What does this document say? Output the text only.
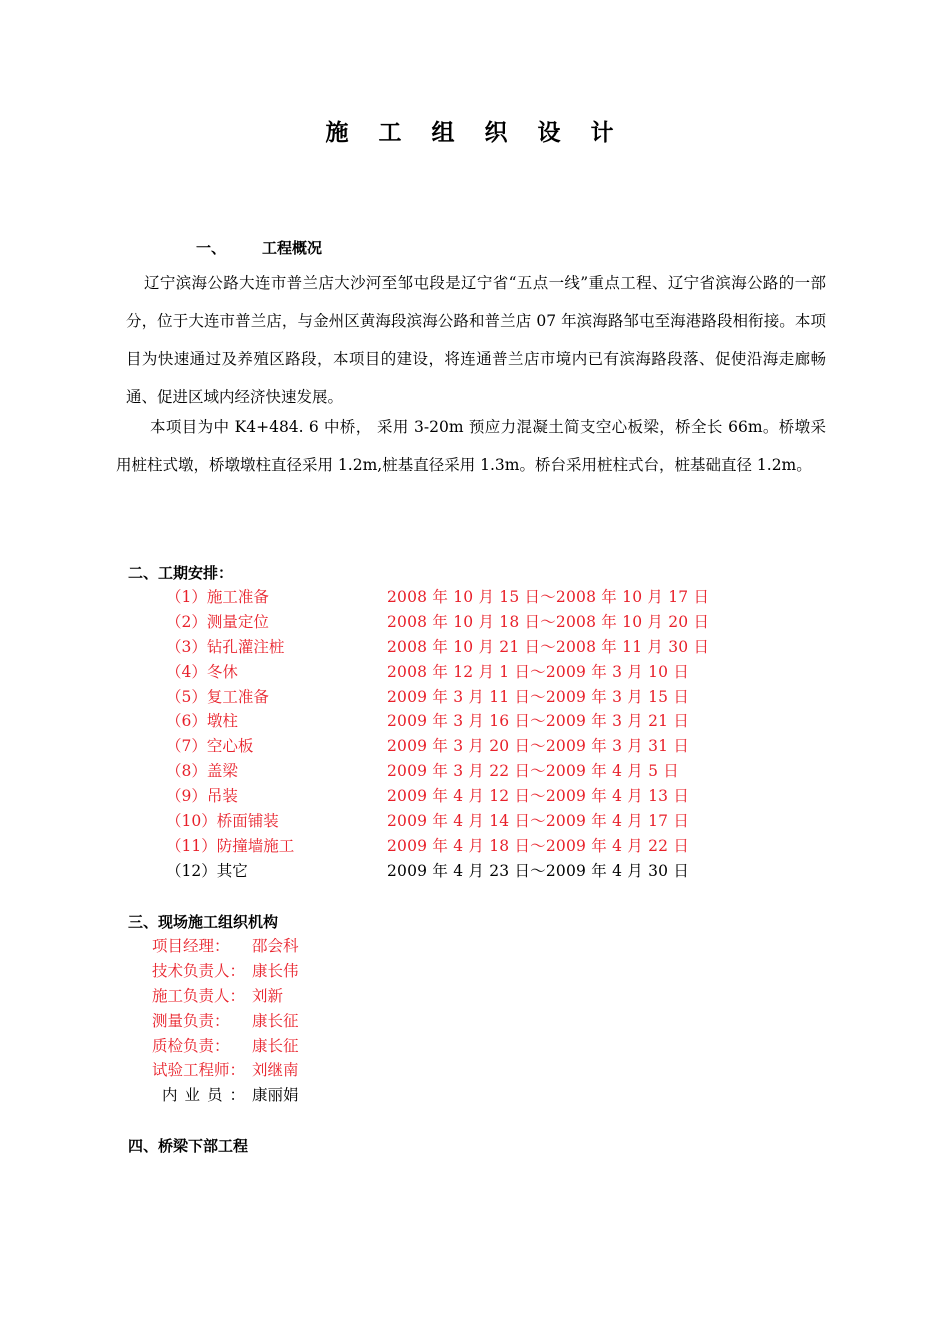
施 工 组 织 设 计
一、 工程概况
辽宁滨海公路大连市普兰店大沙河至邹屯段是辽宁省“五点一线”重点工程、辽宁省滨海公路的一部分，位于大连市普兰店，与金州区黄海段滨海公路和普兰店 07 年滨海路邹屯至海港路段相衔接。本项目为快速通过及养殖区路段，本项目的建设，将连通普兰店市境内已有滨海路段落、促使沿海走廊畅通、促进区域内经济快速发展。
本项目为中 K4+484. 6 中桥， 采用 3-20m 预应力混凝土简支空心板梁，桥全长 66m。桥墩采用桩柱式墩，桥墩墩柱直径采用 1.2m,桩基直径采用 1.3m。桥台采用桩柱式台，桩基础直径 1.2m。
二、工期安排：
（1）施工准备	2008 年 10 月 15 日～2008 年 10 月 17 日
（2）测量定位	2008 年 10 月 18 日～2008 年 10 月 20 日
（3）钻孔灌注桩	2008 年 10 月 21 日～2008 年 11 月 30 日
（4）冬休	2008 年 12 月 1 日～2009 年 3 月 10 日
（5）复工准备	2009 年 3 月 11 日～2009 年 3 月 15 日
（6）墩柱	2009 年 3 月 16 日～2009 年 3 月 21 日
（7）空心板	2009 年 3 月 20 日～2009 年 3 月 31 日
（8）盖梁	2009 年 3 月 22 日～2009 年 4 月 5 日
（9）吊装	2009 年 4 月 12 日～2009 年 4 月 13 日
（10）桥面铺装	2009 年 4 月 14 日～2009 年 4 月 17 日
（11）防撞墙施工	2009 年 4 月 18 日～2009 年 4 月 22 日
（12）其它	2009 年 4 月 23 日～2009 年 4 月 30 日
三、现场施工组织机构
项目经理： 邵会科
技术负责人： 康长伟
施工负责人： 刘新
测量负责： 康长征
质检负责： 康长征
试验工程师： 刘继南
内业员： 康丽娟
四、桥梁下部工程
